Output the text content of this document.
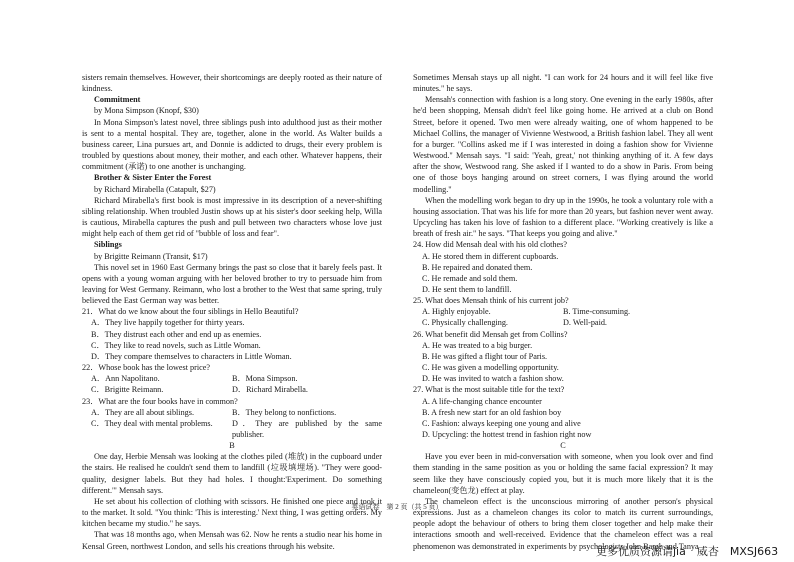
sisters remain themselves. However, their shortcomings are deeply rooted as their nature of kindness.

Commitment

by Mona Simpson (Knopf, $30)

In Mona Simpson's latest novel, three siblings push into adulthood just as their mother is sent to a mental hospital. They are, together, alone in the world. As Walter builds a business career, Lina pursues art, and Donnie is addicted to drugs, their every problem is troubled by questions about money, their mother, and each other. Whatever happens, their commitment (承诺) to one another is unchanging.

Brother & Sister Enter the Forest

by Richard Mirabella (Catapult, $27)

Richard Mirabella's first book is most impressive in its description of a never-shifting sibling relationship. When troubled Justin shows up at his sister's door seeking help, Willa is cautious, Mirabella captures the push and pull between two characters whose love just might help each of them get rid of "bubble of loss and fear".

Siblings

by Brigitte Reimann (Transit, $17)

This novel set in 1960 East Germany brings the past so close that it barely feels past. It opens with a young woman arguing with her beloved brother to try to persuade him from leaving for West Germany. Reimann, who lost a brother to the West that same spring, truly believed the East German way was better.

21．What do we know about the four siblings in Hello Beautiful?

A．They live happily together for thirty years.

B．They distrust each other and end up as enemies.

C．They like to read novels, such as Little Woman.

D．They compare themselves to characters in Little Woman.

22．Whose book has the lowest price?

A．Ann Napolitano.	B．Mona Simpson.
C．Brigitte Reimann.	D．Richard Mirabella.

23．What are the four books have in common?

A．They are all about siblings.	B．They belong to nonfictions.
C．They deal with mental problems.	D．They are published by the same publisher.

B

One day, Herbie Mensah was looking at the clothes piled (堆放) in the cupboard under the stairs. He realised he couldn't send them to landfill (垃圾填埋场). "They were good-quality, designer labels. But they had holes. I thought:'Experiment. Do something different.'" Mensah says.

He set about his collection of clothing with scissors. He finished one piece and took it to the market. It sold. "You think: 'This is interesting.' Next thing, I was getting orders. My kitchen became my studio." he says.

That was 18 months ago, when Mensah was 62. Now he rents a studio near his home in Kensal Green, northwest London, and sells his creations through his website.

Sometimes Mensah stays up all night. "I can work for 24 hours and it will feel like five minutes." he says.

Mensah's connection with fashion is a long story. One evening in the early 1980s, after he'd been shopping, Mensah didn't feel like going home. He arrived at a club on Bond Street, before it opened. Two men were already waiting, one of whom happened to be Michael Collins, the manager of Vivienne Westwood, a British fashion label. They all went for a burger. "Collins asked me if I was interested in doing a fashion show for Vivienne Westwood." Mensah says. "I said: 'Yeah, great,' not thinking anything of it. A few days after the show, Westwood rang. She asked if I wanted to do a show in Paris. From being one of those boys hanging around on street corners, I was flying around the world modelling."

When the modelling work began to dry up in the 1990s, he took a voluntary role with a housing association. That was his life for more than 20 years, but fashion never went away. Upcycling has taken his love of fashion to a different place. "Working creatively is like a breath of fresh air." he says. "That keeps you going and alive."

24. How did Mensah deal with his old clothes?

A. He stored them in different cupboards.

B. He repaired and donated them.

C. He remade and sold them.

D. He sent them to landfill.

25. What does Mensah think of his current job?

A. Highly enjoyable.	B. Time-consuming.
C. Physically challenging.	D. Well-paid.

26. What benefit did Mensah get from Collins?

A. He was treated to a big burger.

B. He was gifted a flight tour of Paris.

C. He was given a modelling opportunity.

D. He was invited to watch a fashion show.

27. What is the most suitable title for the text?

A. A life-changing chance encounter

B. A fresh new start for an old fashion boy

C. Fashion: always keeping one young and alive

D. Upcycling: the hottest trend in fashion right now

C

Have you ever been in mid-conversation with someone, when you look over and find them standing in the same position as you or holding the same facial expression? It may seem like they have consciously copied you, but it is much more likely that it is the chameleon(变色龙) effect at play.

The chameleon effect is the unconscious mirroring of another person's physical expressions. Just as a chameleon changes its color to match its current surroundings, people adopt the behaviour of others to bring them closer together and help make their interactions smooth and well-received. Evidence that the chameleon effect was a real phenomenon was demonstrated in experiments by psychologists John Bargh and Tanya

英语试卷　第 2 页（共 5 页）
更多优质资源请jia　威杏　MXSJ663
